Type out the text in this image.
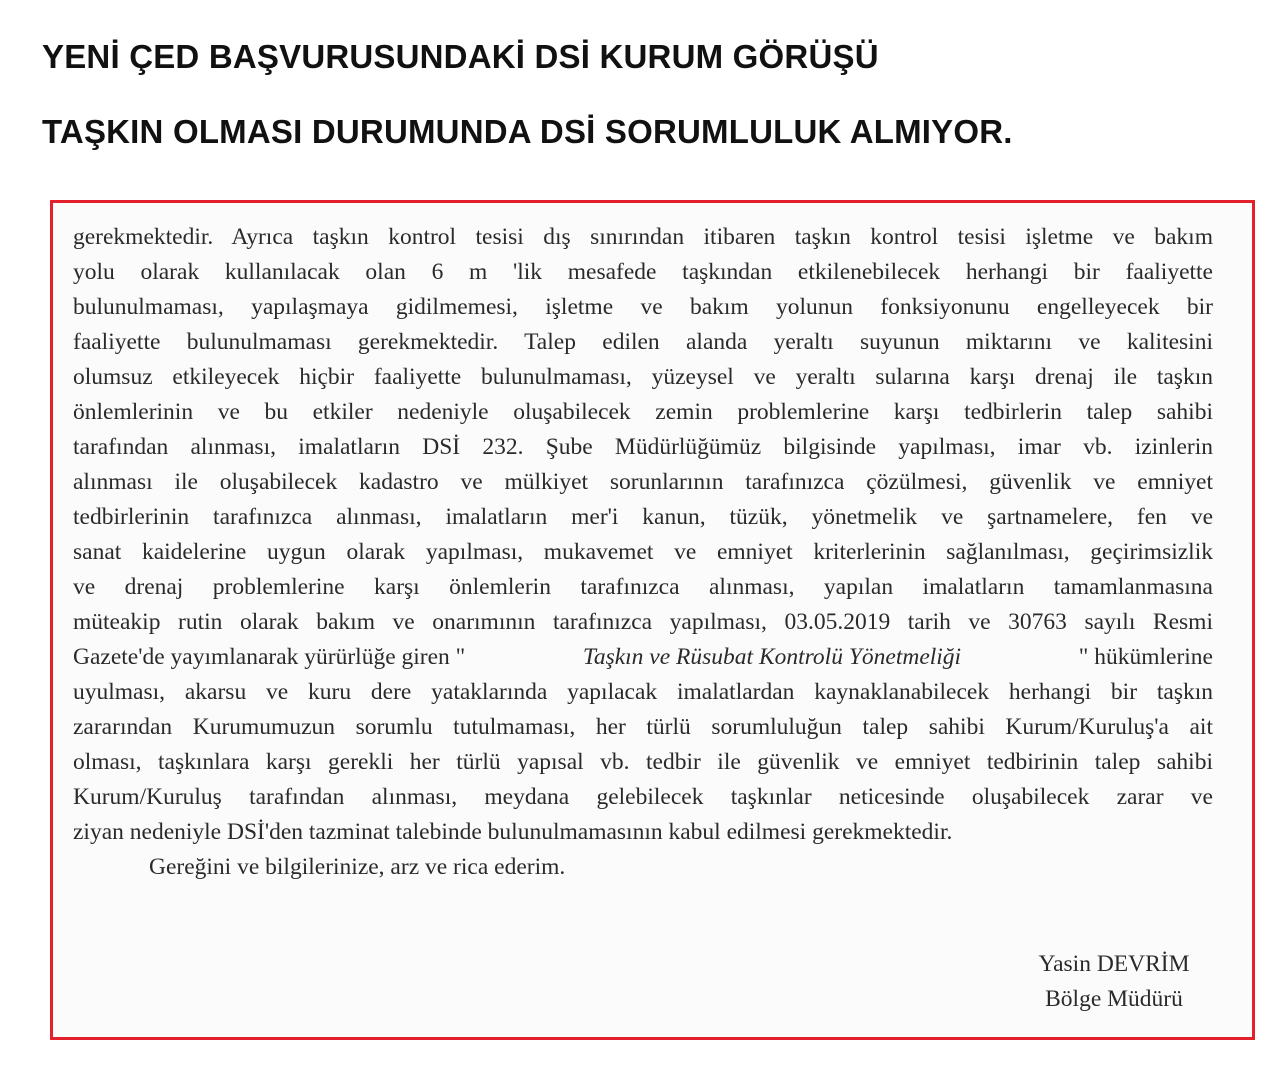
YENİ ÇED BAŞVURUSUNDAKİ DSİ KURUM GÖRÜŞÜ
TAŞKIN OLMASI DURUMUNDA DSİ SORUMLULUK ALMIYOR.
gerekmektedir. Ayrıca taşkın kontrol tesisi dış sınırından itibaren taşkın kontrol tesisi işletme ve bakım
yolu olarak kullanılacak olan 6 m 'lik mesafede taşkından etkilenebilecek herhangi bir faaliyette
bulunulmaması, yapılaşmaya gidilmemesi, işletme ve bakım yolunun fonksiyonunu engelleyecek bir
faaliyette bulunulmaması gerekmektedir. Talep edilen alanda yeraltı suyunun miktarını ve kalitesini
olumsuz etkileyecek hiçbir faaliyette bulunulmaması, yüzeysel ve yeraltı sularına karşı drenaj ile taşkın
önlemlerinin ve bu etkiler nedeniyle oluşabilecek zemin problemlerine karşı tedbirlerin talep sahibi
tarafından alınması, imalatların DSİ 232. Şube Müdürlüğümüz bilgisinde yapılması, imar vb. izinlerin
alınması ile oluşabilecek kadastro ve mülkiyet sorunlarının tarafınızca çözülmesi, güvenlik ve emniyet
tedbirlerinin tarafınızca alınması, imalatların mer'i kanun, tüzük, yönetmelik ve şartnamelere, fen ve
sanat kaidelerine uygun olarak yapılması, mukavemet ve emniyet kriterlerinin sağlanılması, geçirimsizlik
ve drenaj problemlerine karşı önlemlerin tarafınızca alınması, yapılan imalatların tamamlanmasına
müteakip rutin olarak bakım ve onarımının tarafınızca yapılması, 03.05.2019 tarih ve 30763 sayılı Resmi
Gazete'de yayımlanarak yürürlüğe giren "	Taşkın ve Rüsubat Kontrolü Yönetmeliği	" hükümlerine
uyulması, akarsu ve kuru dere yataklarında yapılacak imalatlardan kaynaklanabilecek herhangi bir taşkın
zararından Kurumumuzun sorumlu tutulmaması, her türlü sorumluluğun talep sahibi Kurum/Kuruluş'a ait
olması, taşkınlara karşı gerekli her türlü yapısal vb. tedbir ile güvenlik ve emniyet tedbirinin talep sahibi
Kurum/Kuruluş tarafından alınması, meydana gelebilecek taşkınlar neticesinde oluşabilecek zarar ve
ziyan nedeniyle DSİ'den tazminat talebinde bulunulmamasının kabul edilmesi gerekmektedir.
Gereğini ve bilgilerinize, arz ve rica ederim.
Yasin DEVRİM
Bölge Müdürü
